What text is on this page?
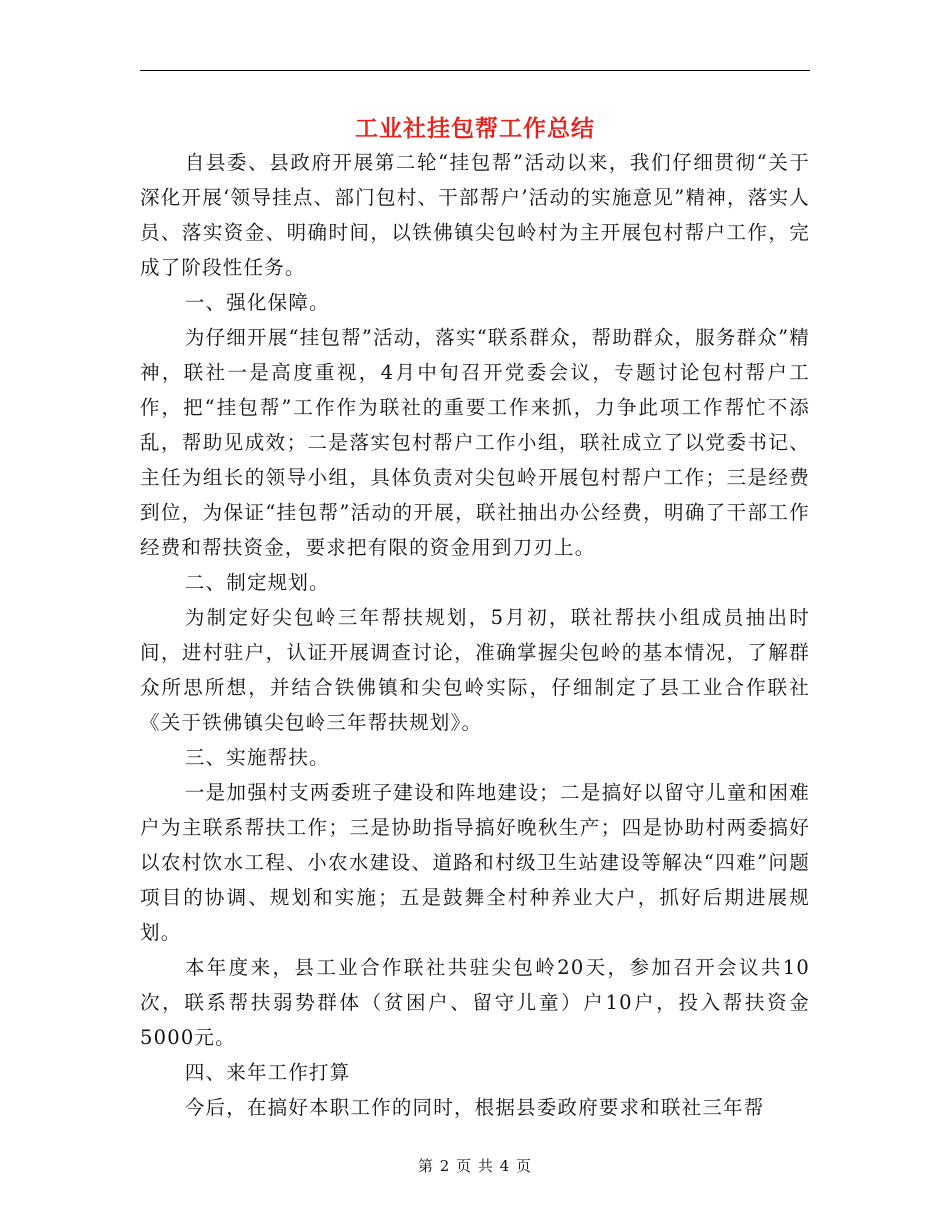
工业社挂包帮工作总结

自县委、县政府开展第二轮“挂包帮”活动以来，我们仔细贯彻“关于深化开展‘领导挂点、部门包村、干部帮户’活动的实施意见”精神，落实人员、落实资金、明确时间，以铁佛镇尖包岭村为主开展包村帮户工作，完成了阶段性任务。

一、强化保障。

为仔细开展“挂包帮”活动，落实“联系群众，帮助群众，服务群众”精神，联社一是高度重视，4月中旬召开党委会议，专题讨论包村帮户工作，把“挂包帮”工作作为联社的重要工作来抓，力争此项工作帮忙不添乱，帮助见成效；二是落实包村帮户工作小组，联社成立了以党委书记、主任为组长的领导小组，具体负责对尖包岭开展包村帮户工作；三是经费到位，为保证“挂包帮”活动的开展，联社抽出办公经费，明确了干部工作经费和帮扶资金，要求把有限的资金用到刀刃上。

二、制定规划。

为制定好尖包岭三年帮扶规划，5月初，联社帮扶小组成员抽出时间，进村驻户，认证开展调查讨论，准确掌握尖包岭的基本情况，了解群众所思所想，并结合铁佛镇和尖包岭实际，仔细制定了县工业合作联社《关于铁佛镇尖包岭三年帮扶规划》。

三、实施帮扶。

一是加强村支两委班子建设和阵地建设；二是搞好以留守儿童和困难户为主联系帮扶工作；三是协助指导搞好晚秋生产；四是协助村两委搞好以农村饮水工程、小农水建设、道路和村级卫生站建设等解决“四难”问题项目的协调、规划和实施；五是鼓舞全村种养业大户，抓好后期进展规划。

本年度来，县工业合作联社共驻尖包岭20天，参加召开会议共10次，联系帮扶弱势群体（贫困户、留守儿童）户10户，投入帮扶资金5000元。

四、来年工作打算

今后，在搞好本职工作的同时，根据县委政府要求和联社三年帮

第 2 页 共 4 页
